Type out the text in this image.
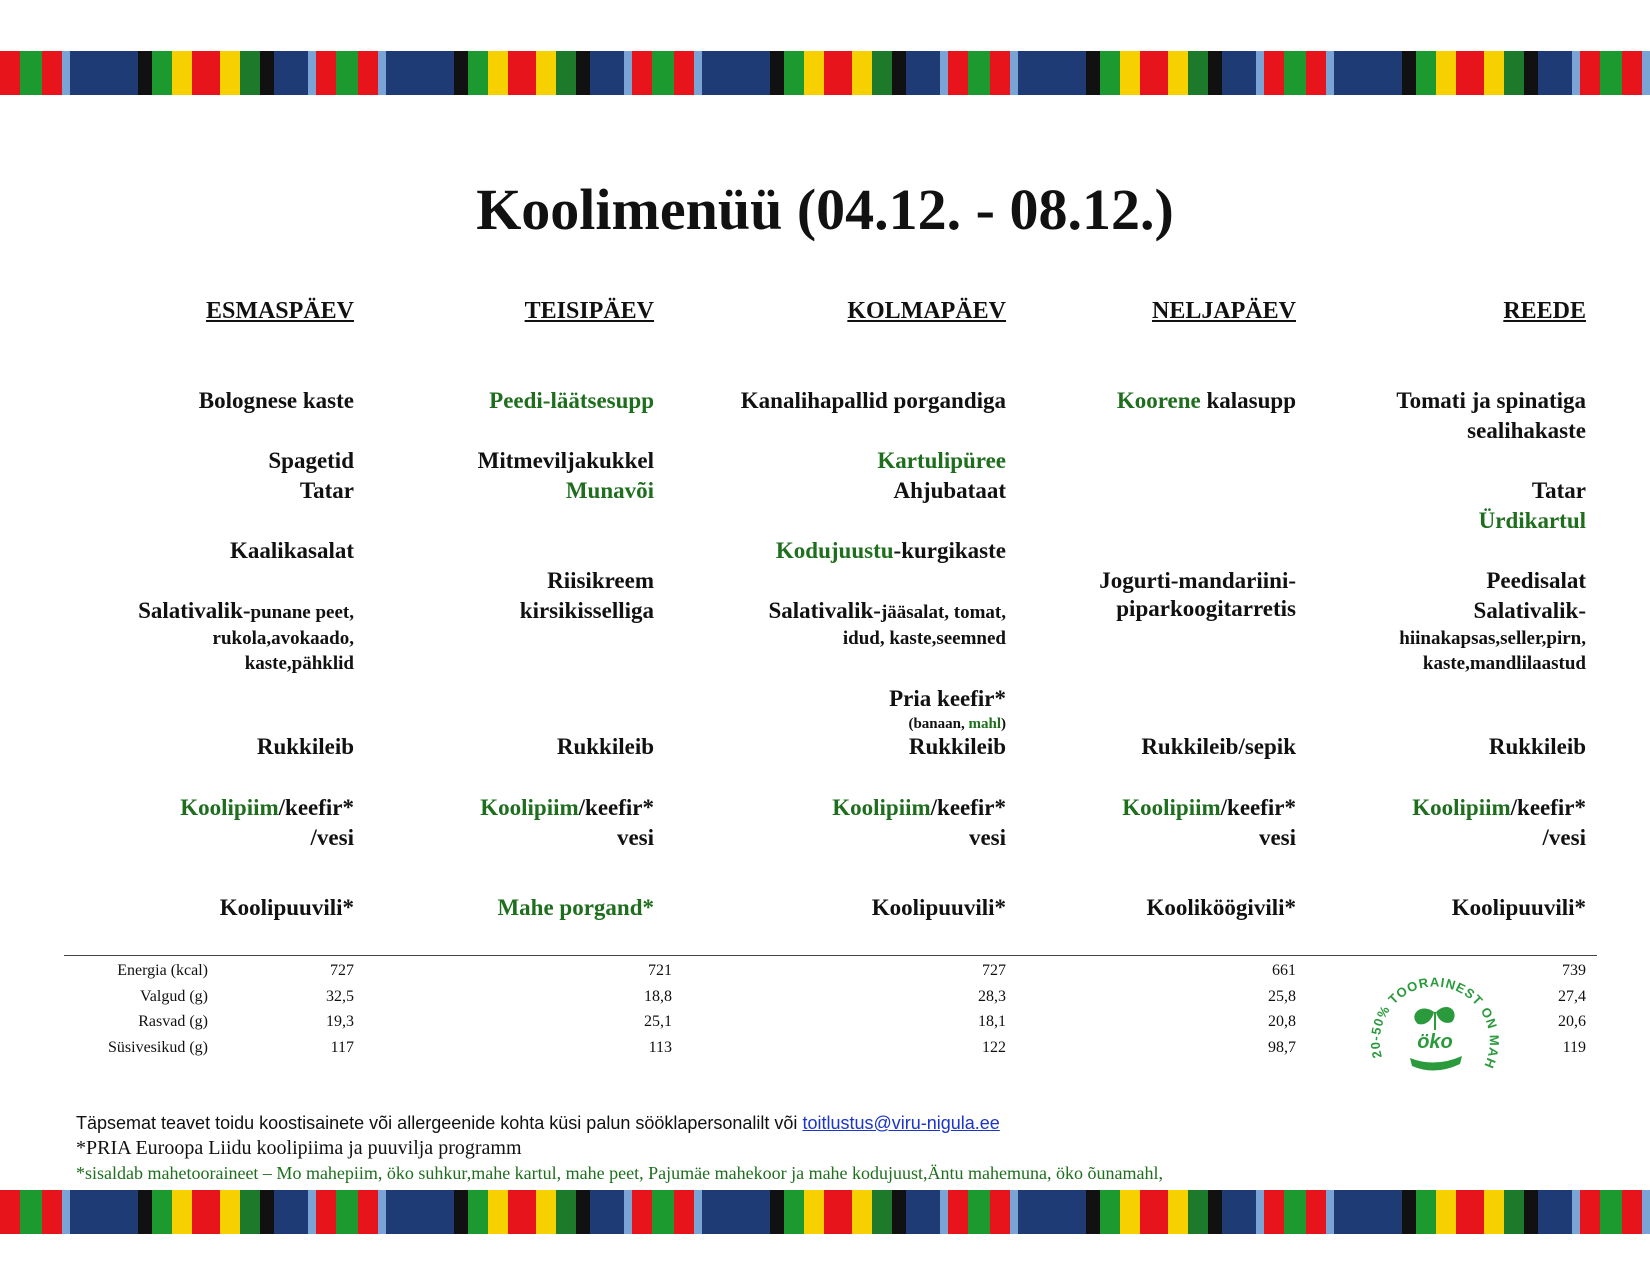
Koolimenüü (04.12. - 08.12.)
ESMASPÄEV
Bolognese kaste
Spagetid
Tatar
Kaalikasalat
Salativalik-punane peet,
rukola,avokaado,
kaste,pähklid
Rukkileib
Koolipiim/keefir*
/vesi
Koolipuuvili*
TEISIPÄEV
Peedi-läätsesupp
Mitmeviljakukkel
Munavõi
Riisikreem
kirsikisselliga
Rukkileib
Koolipiim/keefir*
vesi
Mahe porgand*
KOLMAPÄEV
Kanalihapallid porgandiga
Kartulipüree
Ahjubataat
Kodujuustu-kurgikaste
Salativalik-jääsalat, tomat,
idud, kaste,seemned
Pria keefir*
(banaan, mahl)
Rukkileib
Koolipiim/keefir*
vesi
Koolipuuvili*
NELJAPÄEV
Koorene kalasupp
Jogurti-mandariini-
piparkoogitarretis
Rukkileib/sepik
Koolipiim/keefir*
vesi
Kooliköögivili*
REEDE
Tomati ja spinatiga
sealihakaste
Tatar
Ürdikartul
Peedisalat
Salativalik-
hiinakapsas,seller,pirn,
kaste,mandlilaastud
Rukkileib
Koolipiim/keefir*
/vesi
Koolipuuvili*
Energia (kcal)
Valgud (g)
Rasvad (g)
Süsivesikud (g)
727
32,5
19,3
117
721
18,8
25,1
113
727
28,3
18,1
122
661
25,8
20,8
98,7
739
27,4
20,6
119
20-50% TOORAINEST ON MAH
öko
Täpsemat teavet toidu koostisainete või allergeenide kohta küsi palun sööklapersonalilt või toitlustus@viru-nigula.ee
*PRIA Euroopa Liidu koolipiima ja puuvilja programm
*sisaldab mahetooraineet – Mo mahepiim, öko suhkur,mahe kartul, mahe peet, Pajumäe mahekoor ja mahe kodujuust,Äntu mahemuna, öko õunamahl,
